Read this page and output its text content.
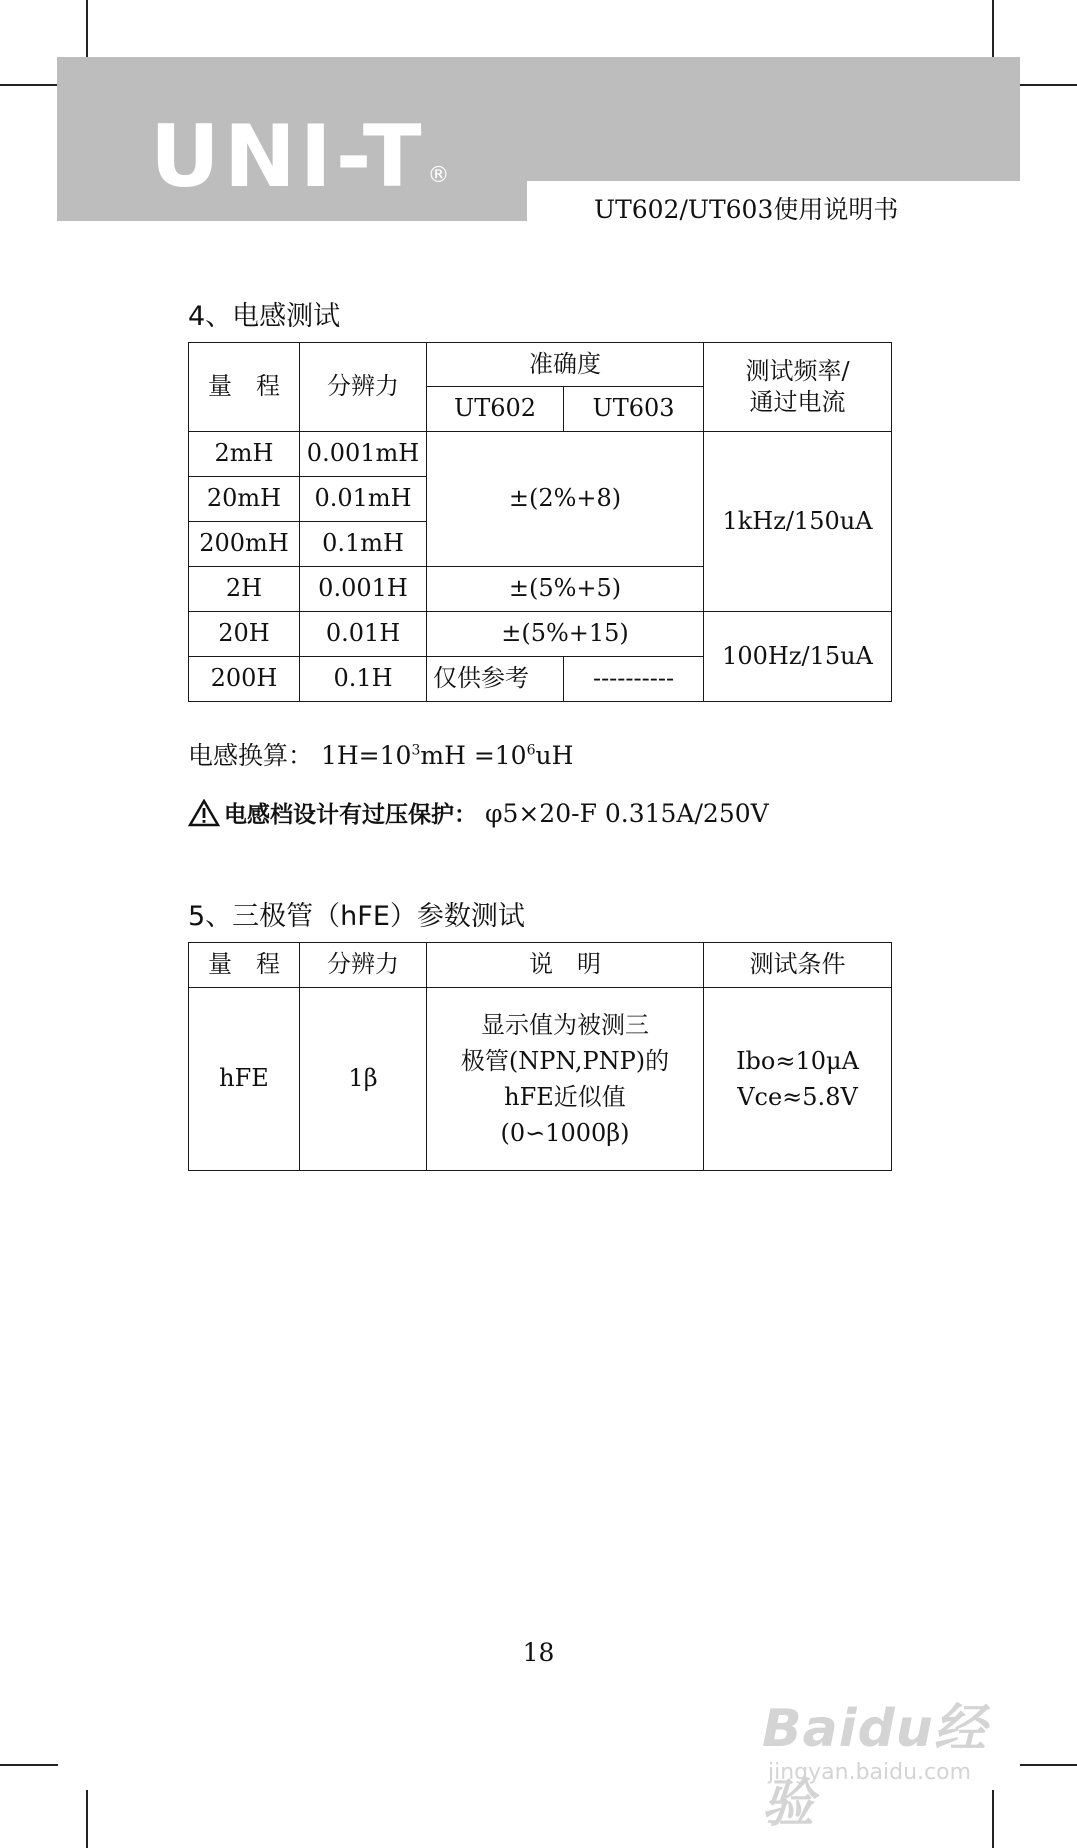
UNI-T®
UT602/UT603使用说明书
4、电感测试
量　程	分辨力	准确度		测试频率/
通过电流
		UT602	UT603	
2mH	0.001mH	±(2%+8)		1kHz/150uA
20mH	0.01mH			
200mH	0.1mH			
2H	0.001H	±(5%+5)		
20H	0.01H	±(5%+15)		100Hz/15uA
200H	0.1H	仅供参考	----------	
电感换算： $1H=10^3mH =10^6uH$
电感档设计有过压保护： φ5×20-F 0.315A/250V
5、三极管（hFE）参数测试
量　程	分辨力	说　明	测试条件
hFE	1β	显示值为被测三
极管(NPN,PNP)的
hFE近似值
(0∽1000β)	Ibo≈10μA
Vce≈5.8V
18
Baidu经验
jingyan.baidu.com
